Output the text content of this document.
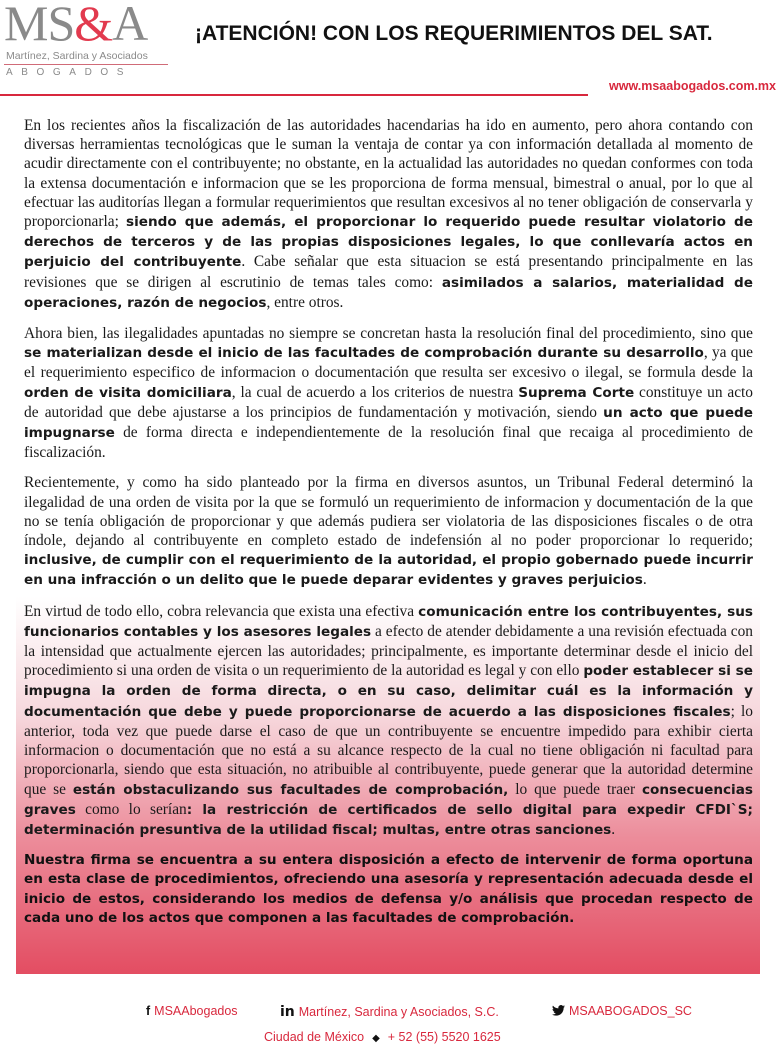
MS&A
Martínez, Sardina y Asociados
ABOGADOS
¡ATENCIÓN! CON LOS REQUERIMIENTOS DEL SAT.
www.msaabogados.com.mx

En los recientes años la fiscalización de las autoridades hacendarias ha ido en aumento, pero ahora contando con diversas herramientas tecnológicas que le suman la ventaja de contar ya con información detallada al momento de acudir directamente con el contribuyente; no obstante, en la actualidad las autoridades no quedan conformes con toda la extensa documentación e informacion que se les proporciona de forma mensual, bimestral o anual, por lo que al efectuar las auditorías llegan a formular requerimientos que resultan excesivos al no tener obligación de conservarla y proporcionarla; siendo que además, el proporcionar lo requerido puede resultar violatorio de derechos de terceros y de las propias disposiciones legales, lo que conllevaría actos en perjuicio del contribuyente. Cabe señalar que esta situacion se está presentando principalmente en las revisiones que se dirigen al escrutinio de temas tales como: asimilados a salarios, materialidad de operaciones, razón de negocios, entre otros.

Ahora bien, las ilegalidades apuntadas no siempre se concretan hasta la resolución final del procedimiento, sino que se materializan desde el inicio de las facultades de comprobación durante su desarrollo, ya que el requerimiento especifico de informacion o documentación que resulta ser excesivo o ilegal, se formula desde la orden de visita domiciliara, la cual de acuerdo a los criterios de nuestra Suprema Corte constituye un acto de autoridad que debe ajustarse a los principios de fundamentación y motivación, siendo un acto que puede impugnarse de forma directa e independientemente de la resolución final que recaiga al procedimiento de fiscalización.

Recientemente, y como ha sido planteado por la firma en diversos asuntos, un Tribunal Federal determinó la ilegalidad de una orden de visita por la que se formuló un requerimiento de informacion y documentación de la que no se tenía obligación de proporcionar y que además pudiera ser violatoria de las disposiciones fiscales o de otra índole, dejando al contribuyente en completo estado de indefensión al no poder proporcionar lo requerido; inclusive, de cumplir con el requerimiento de la autoridad, el propio gobernado puede incurrir en una infracción o un delito que le puede deparar evidentes y graves perjuicios.

En virtud de todo ello, cobra relevancia que exista una efectiva comunicación entre los contribuyentes, sus funcionarios contables y los asesores legales a efecto de atender debidamente a una revisión efectuada con la intensidad que actualmente ejercen las autoridades; principalmente, es importante determinar desde el inicio del procedimiento si una orden de visita o un requerimiento de la autoridad es legal y con ello poder establecer si se impugna la orden de forma directa, o en su caso, delimitar cuál es la información y documentación que debe y puede proporcionarse de acuerdo a las disposiciones fiscales; lo anterior, toda vez que puede darse el caso de que un contribuyente se encuentre impedido para exhibir cierta informacion o documentación que no está a su alcance respecto de la cual no tiene obligación ni facultad para proporcionarla, siendo que esta situación, no atribuible al contribuyente, puede generar que la autoridad determine que se están obstaculizando sus facultades de comprobación, lo que puede traer consecuencias graves como lo serían: la restricción de certificados de sello digital para expedir CFDI`S; determinación presuntiva de la utilidad fiscal; multas, entre otras sanciones.

Nuestra firma se encuentra a su entera disposición a efecto de intervenir de forma oportuna en esta clase de procedimientos, ofreciendo una asesoría y representación adecuada desde el inicio de estos, considerando los medios de defensa y/o análisis que procedan respecto de cada uno de los actos que componen a las facultades de comprobación.

f MSAAbogados	in Martínez, Sardina y Asociados, S.C.	MSAABOGADOS_SC
Ciudad de México ◆ + 52 (55) 5520 1625
